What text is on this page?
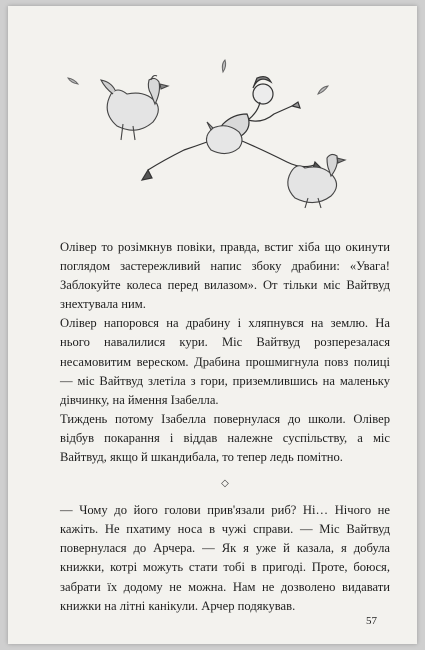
Олівер то розімкнув повіки, правда, встиг хіба що окинути поглядом застережливий напис збоку драбини: «Увага! Заблокуйте колеса перед вилазом». От тільки міс Вайтвуд знехтувала ним.

Олівер напоровся на драбину і хляпнувся на землю. На нього навалилися кури. Міс Вайтвуд розперезалася несамовитим вереском. Драбина прошмигнула повз полиці — міс Вайтвуд злетіла з гори, приземлившись на маленьку дівчинку, на ймення Ізабелла.

Тиждень потому Ізабелла повернулася до школи. Олівер відбув покарання і віддав належне суспільству, а міс Вайтвуд, якщо й шкандибала, то тепер ледь помітно.

◇

— Чому до його голови прив'язали риб? Ні… Нічого не кажіть. Не пхатиму носа в чужі справи. — Міс Вайтвуд повернулася до Арчера. — Як я уже й казала, я добула книжки, котрі можуть стати тобі в пригоді. Проте, боюся, забрати їх додому не можна. Нам не дозволено видавати книжки на літні канікули. Арчер подякував.

57
